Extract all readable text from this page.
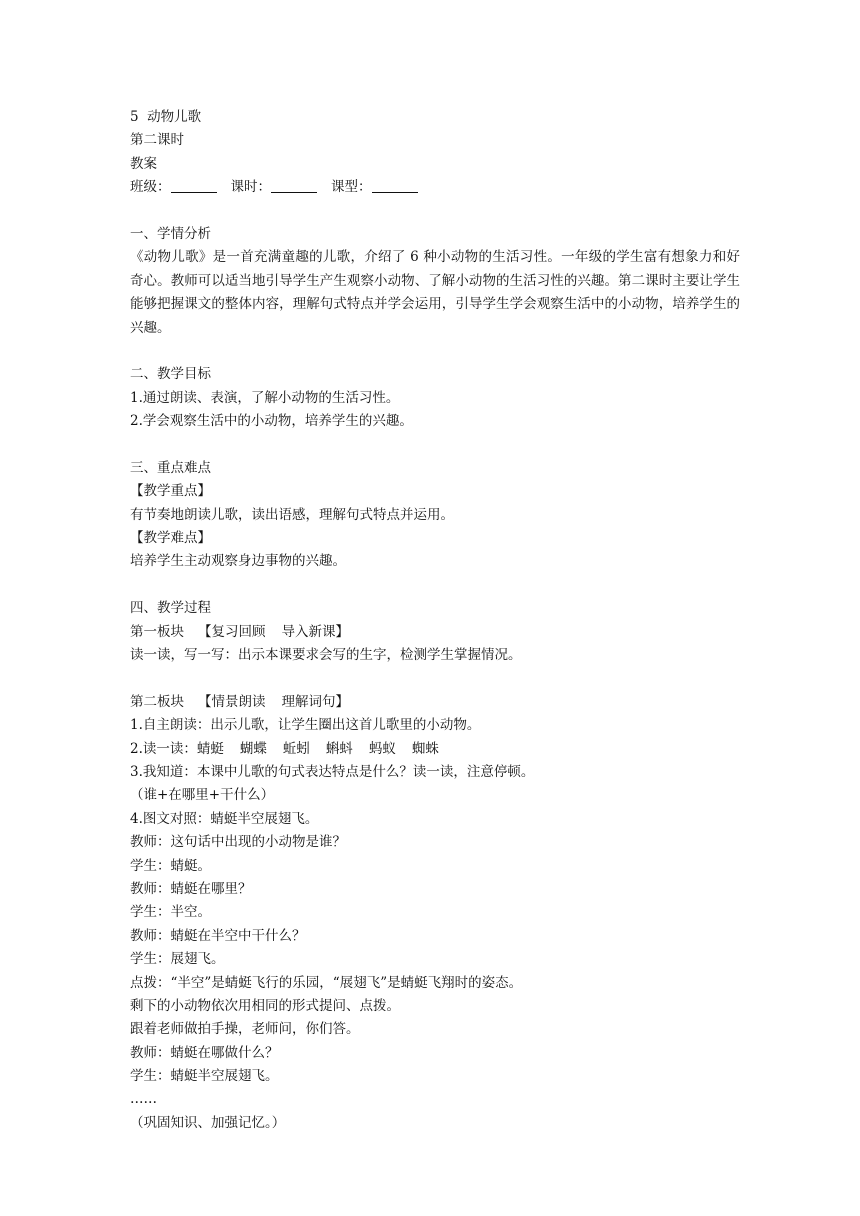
5  动物儿歌
第二课时
教案
班级：	课时：	课型：
一、学情分析
《动物儿歌》是一首充满童趣的儿歌，介绍了 6 种小动物的生活习性。一年级的学生富有想象力和好奇心。教师可以适当地引导学生产生观察小动物、了解小动物的生活习性的兴趣。第二课时主要让学生能够把握课文的整体内容，理解句式特点并学会运用，引导学生学会观察生活中的小动物，培养学生的兴趣。
二、教学目标
1.通过朗读、表演，了解小动物的生活习性。
2.学会观察生活中的小动物，培养学生的兴趣。
三、重点难点
【教学重点】
有节奏地朗读儿歌，读出语感，理解句式特点并运用。
【教学难点】
培养学生主动观察身边事物的兴趣。
四、教学过程
第一板块 【复习回顾 导入新课】
读一读，写一写：出示本课要求会写的生字，检测学生掌握情况。
第二板块 【情景朗读 理解词句】
1.自主朗读：出示儿歌，让学生圈出这首儿歌里的小动物。
2.读一读：蜻蜓 蝴蝶 蚯蚓 蝌蚪 蚂蚁 蜘蛛
3.我知道：本课中儿歌的句式表达特点是什么？读一读，注意停顿。
（谁+在哪里+干什么）
4.图文对照：蜻蜓半空展翅飞。
教师：这句话中出现的小动物是谁？
学生：蜻蜓。
教师：蜻蜓在哪里？
学生：半空。
教师：蜻蜓在半空中干什么？
学生：展翅飞。
点拨：“半空”是蜻蜓飞行的乐园，“展翅飞”是蜻蜓飞翔时的姿态。
剩下的小动物依次用相同的形式提问、点拨。
跟着老师做拍手操，老师问，你们答。
教师：蜻蜓在哪做什么？
学生：蜻蜓半空展翅飞。
……
（巩固知识、加强记忆。）
